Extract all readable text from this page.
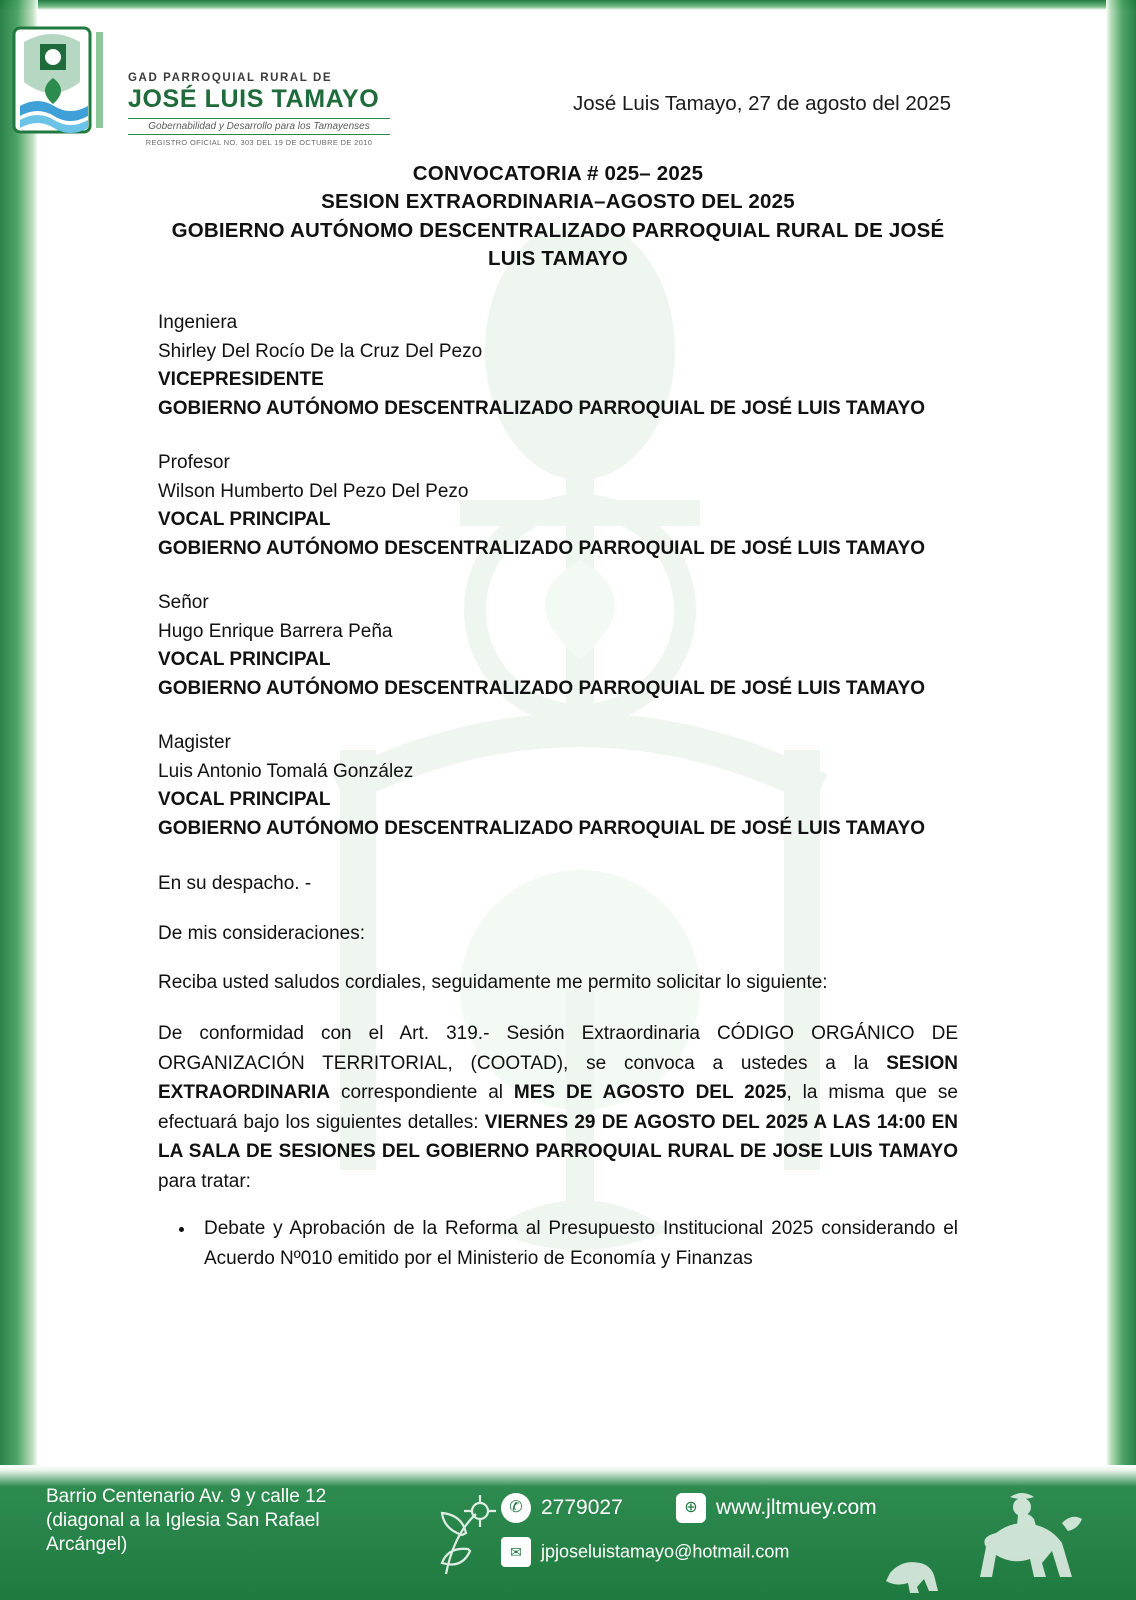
GAD PARROQUIAL RURAL DE
JOSÉ LUIS TAMAYO
Gobernabilidad y Desarrollo para los Tamayenses
REGISTRO OFICIAL NO. 303 DEL 19 DE OCTUBRE DE 2010
José Luis Tamayo, 27 de agosto del 2025
CONVOCATORIA # 025– 2025
SESION EXTRAORDINARIA–AGOSTO DEL 2025
GOBIERNO AUTÓNOMO DESCENTRALIZADO PARROQUIAL RURAL DE JOSÉ LUIS TAMAYO
Ingeniera
Shirley Del Rocío De la Cruz Del Pezo
VICEPRESIDENTE
GOBIERNO AUTÓNOMO DESCENTRALIZADO PARROQUIAL DE JOSÉ LUIS TAMAYO
Profesor
Wilson Humberto Del Pezo Del Pezo
VOCAL PRINCIPAL
GOBIERNO AUTÓNOMO DESCENTRALIZADO PARROQUIAL DE JOSÉ LUIS TAMAYO
Señor
Hugo Enrique Barrera Peña
VOCAL PRINCIPAL
GOBIERNO AUTÓNOMO DESCENTRALIZADO PARROQUIAL DE JOSÉ LUIS TAMAYO
Magister
Luis Antonio Tomalá González
VOCAL PRINCIPAL
GOBIERNO AUTÓNOMO DESCENTRALIZADO PARROQUIAL DE JOSÉ LUIS TAMAYO
En su despacho. -
De mis consideraciones:
Reciba usted saludos cordiales, seguidamente me permito solicitar lo siguiente:
De conformidad con el Art. 319.- Sesión Extraordinaria CÓDIGO ORGÁNICO DE ORGANIZACIÓN TERRITORIAL, (COOTAD), se convoca a ustedes a la SESION EXTRAORDINARIA correspondiente al MES DE AGOSTO DEL 2025, la misma que se efectuará bajo los siguientes detalles: VIERNES 29 DE AGOSTO DEL 2025 A LAS 14:00 EN LA SALA DE SESIONES DEL GOBIERNO PARROQUIAL RURAL DE JOSE LUIS TAMAYO para tratar:
• Debate y Aprobación de la Reforma al Presupuesto Institucional 2025 considerando el Acuerdo Nº010 emitido por el Ministerio de Economía y Finanzas
Barrio Centenario Av. 9 y calle 12
(diagonal a la Iglesia San Rafael
Arcángel)
✆ 2779027	⊕ www.jltmuey.com
✉ jpjoseluistamayo@hotmail.com
